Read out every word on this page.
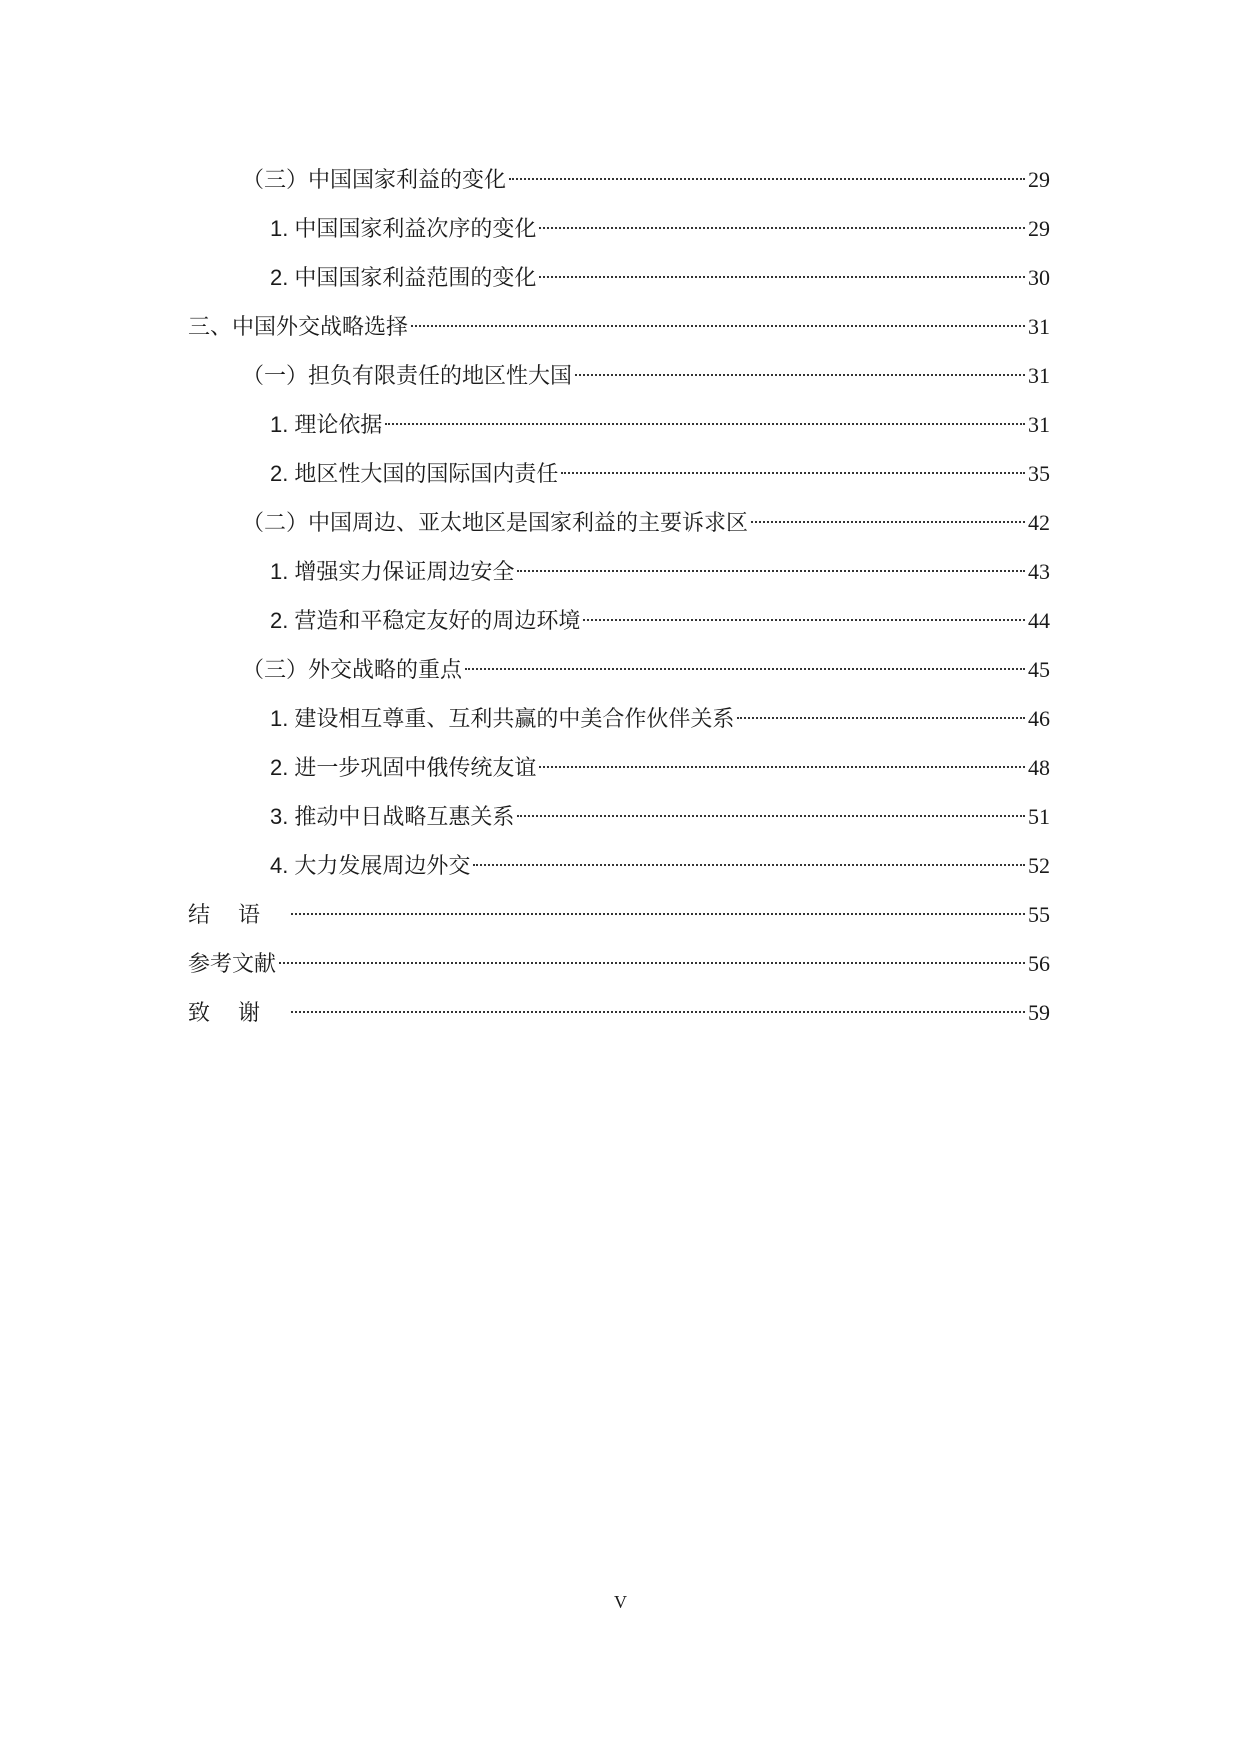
（三）中国国家利益的变化	29
1. 中国国家利益次序的变化	29
2. 中国国家利益范围的变化	30
三、中国外交战略选择	31
（一）担负有限责任的地区性大国	31
1. 理论依据	31
2. 地区性大国的国际国内责任	35
（二）中国周边、亚太地区是国家利益的主要诉求区	42
1. 增强实力保证周边安全	43
2. 营造和平稳定友好的周边环境	44
（三）外交战略的重点	45
1. 建设相互尊重、互利共赢的中美合作伙伴关系	46
2. 进一步巩固中俄传统友谊	48
3. 推动中日战略互惠关系	51
4. 大力发展周边外交	52
结语	55
参考文献	56
致谢	59
V
